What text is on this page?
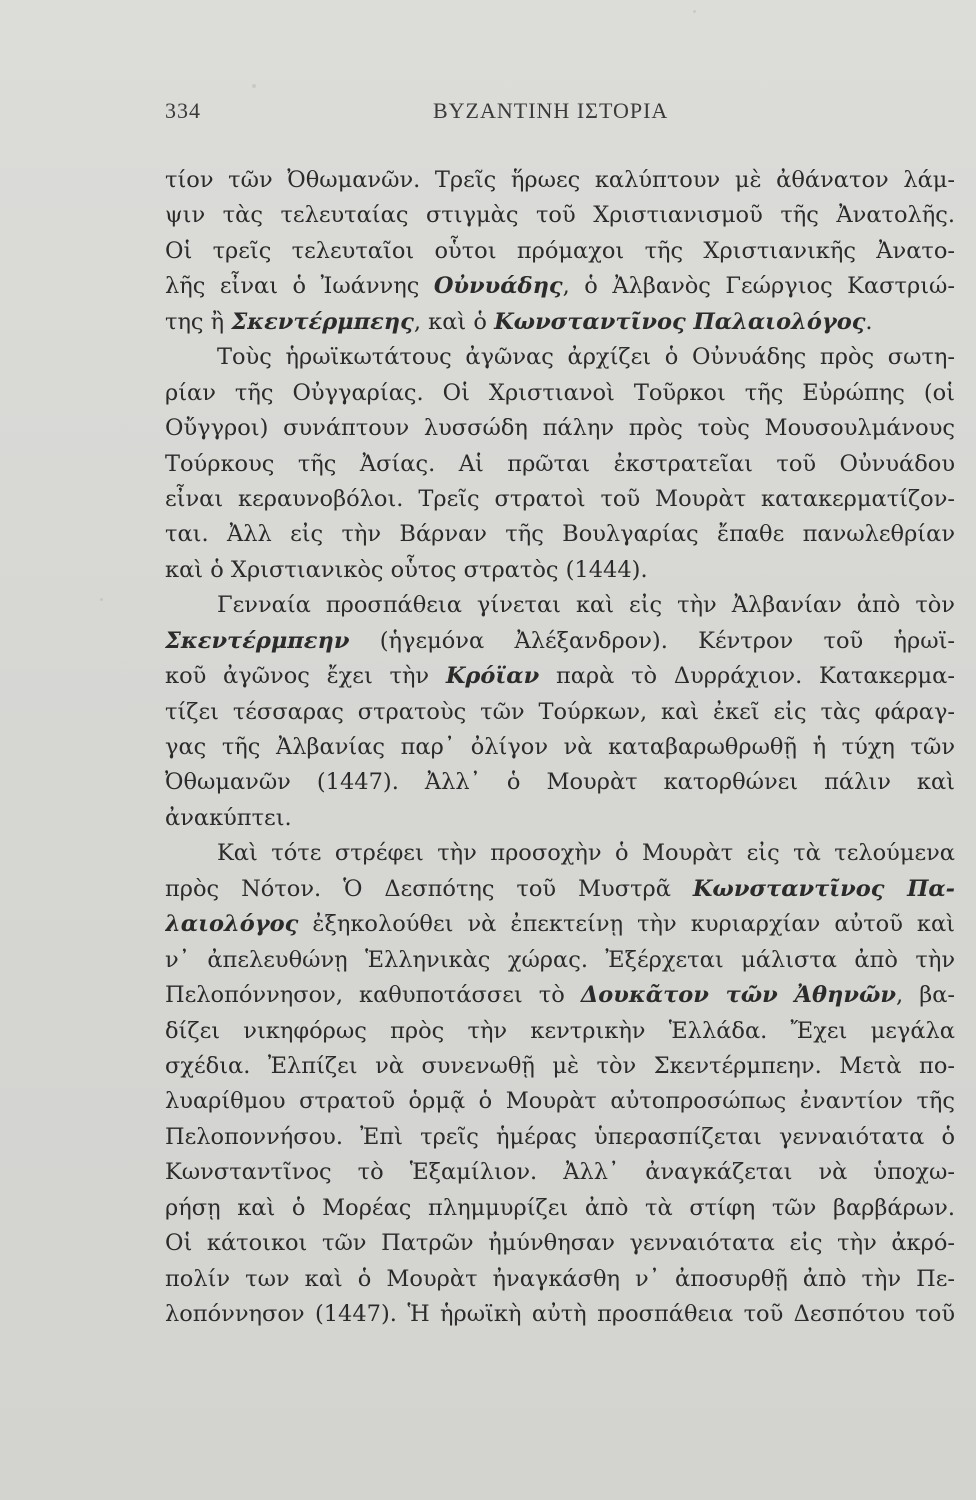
334	ΒΥΖΑΝΤΙΝΗ ΙΣΤΟΡΙΑ
τίον τῶν Ὀθωμανῶν. Τρεῖς ἥρωες καλύπτουν μὲ ἀθάνατον λάμ-
ψιν τὰς τελευταίας στιγμὰς τοῦ Χριστιανισμοῦ τῆς Ἀνατολῆς.
Οἱ τρεῖς τελευταῖοι οὗτοι πρόμαχοι τῆς Χριστιανικῆς Ἀνατο-
λῆς εἶναι ὁ Ἰωάννης Οὐνυάδης, ὁ Ἀλβανὸς Γεώργιος Καστριώ-
της ἢ Σκεντέρμπεης, καὶ ὁ Κωνσταντῖνος Παλαιολόγος.
Τοὺς ἡρωϊκωτάτους ἀγῶνας ἀρχίζει ὁ Οὐνυάδης πρὸς σωτη-
ρίαν τῆς Οὐγγαρίας. Οἱ Χριστιανοὶ Τοῦρκοι τῆς Εὐρώπης (οἱ
Οὔγγροι) συνάπτουν λυσσώδη πάλην πρὸς τοὺς Μουσουλμάνους
Τούρκους τῆς Ἀσίας. Αἱ πρῶται ἐκστρατεῖαι τοῦ Οὐνυάδου
εἶναι κεραυνοβόλοι. Τρεῖς στρατοὶ τοῦ Μουρὰτ κατακερματίζον-
ται. Ἀλλ εἰς τὴν Βάρναν τῆς Βουλγαρίας ἔπαθε πανωλεθρίαν
καὶ ὁ Χριστιανικὸς οὗτος στρατὸς (1444).
Γενναία προσπάθεια γίνεται καὶ εἰς τὴν Ἀλβανίαν ἀπὸ τὸν
Σκεντέρμπεην (ἡγεμόνα Ἀλέξανδρον). Κέντρον τοῦ ἡρωϊ-
κοῦ ἀγῶνος ἔχει τὴν Κρόϊαν παρὰ τὸ Δυρράχιον. Κατακερμα-
τίζει τέσσαρας στρατοὺς τῶν Τούρκων, καὶ ἐκεῖ εἰς τὰς φάραγ-
γας τῆς Ἀλβανίας παρ᾽ ὀλίγον νὰ καταβαρωθρωθῇ ἡ τύχη τῶν
Ὀθωμανῶν (1447). Ἀλλ᾽ ὁ Μουρὰτ κατορθώνει πάλιν καὶ
ἀνακύπτει.
Καὶ τότε στρέφει τὴν προσοχὴν ὁ Μουρὰτ εἰς τὰ τελούμενα
πρὸς Νότον. Ὁ Δεσπότης τοῦ Μυστρᾶ Κωνσταντῖνος Πα-
λαιολόγος ἐξηκολούθει νὰ ἐπεκτείνῃ τὴν κυριαρχίαν αὐτοῦ καὶ
ν᾽ ἀπελευθώνῃ Ἑλληνικὰς χώρας. Ἐξέρχεται μάλιστα ἀπὸ τὴν
Πελοπόννησον, καθυποτάσσει τὸ Δουκᾶτον τῶν Ἀθηνῶν, βα-
δίζει νικηφόρως πρὸς τὴν κεντρικὴν Ἑλλάδα. Ἔχει μεγάλα
σχέδια. Ἐλπίζει νὰ συνενωθῇ μὲ τὸν Σκεντέρμπεην. Μετὰ πο-
λυαρίθμου στρατοῦ ὁρμᾷ ὁ Μουρὰτ αὐτοπροσώπως ἐναντίον τῆς
Πελοποννήσου. Ἐπὶ τρεῖς ἡμέρας ὑπερασπίζεται γενναιότατα ὁ
Κωνσταντῖνος τὸ Ἑξαμίλιον. Ἀλλ᾽ ἀναγκάζεται νὰ ὑποχω-
ρήσῃ καὶ ὁ Μορέας πλημμυρίζει ἀπὸ τὰ στίφη τῶν βαρβάρων.
Οἱ κάτοικοι τῶν Πατρῶν ἠμύνθησαν γενναιότατα εἰς τὴν ἀκρό-
πολίν των καὶ ὁ Μουρὰτ ἠναγκάσθη ν᾽ ἀποσυρθῇ ἀπὸ τὴν Πε-
λοπόννησον (1447). Ἡ ἡρωϊκὴ αὐτὴ προσπάθεια τοῦ Δεσπότου τοῦ
